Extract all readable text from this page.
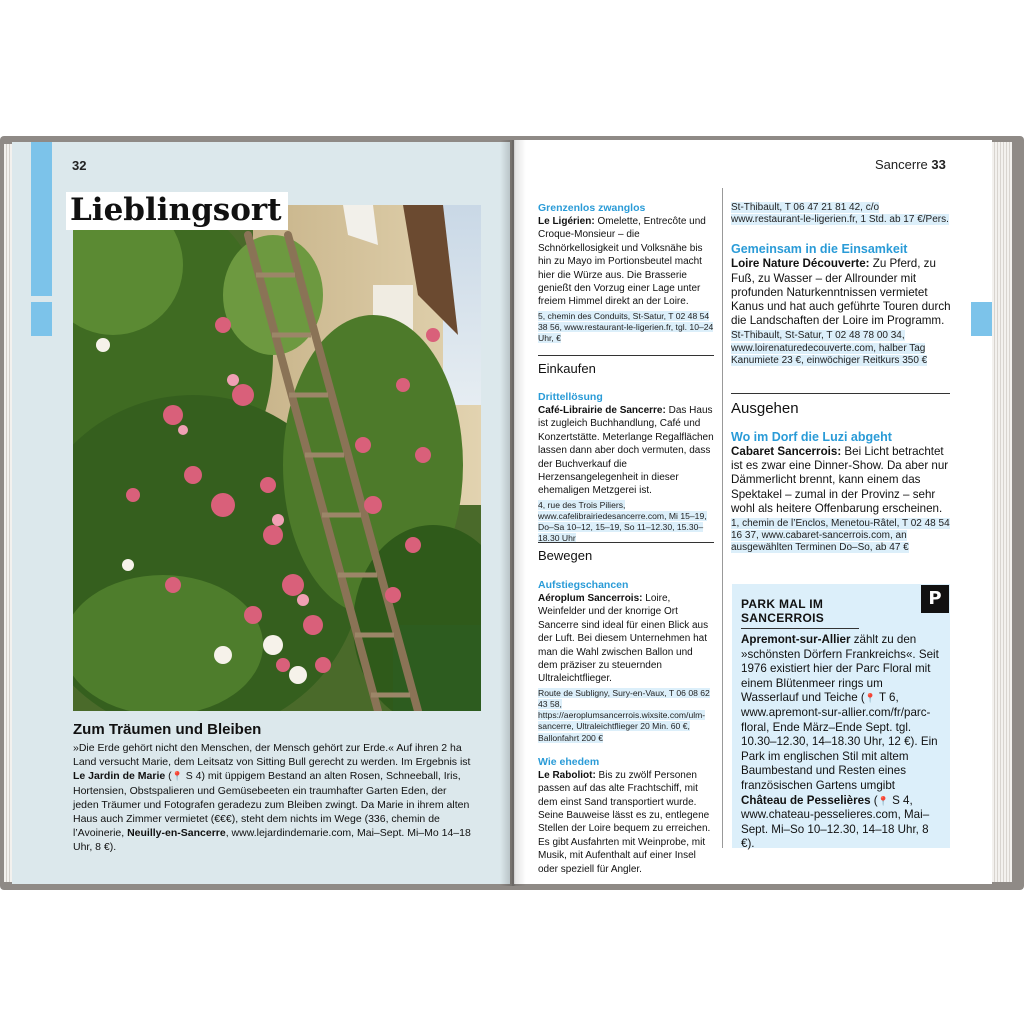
32
Lieblingsort
Zum Träumen und Bleiben
»Die Erde gehört nicht den Menschen, der Mensch gehört zur Erde.« Auf ihren 2 ha Land versucht Marie, dem Leitsatz von Sitting Bull gerecht zu werden. Im Ergebnis ist Le Jardin de Marie (📍 S 4) mit üppigem Bestand an alten Rosen, Schneeball, Iris, Hortensien, Obstspalieren und Gemüsebeeten ein traumhafter Garten Eden, der jeden Träumer und Fotografen geradezu zum Bleiben zwingt. Da Marie in ihrem alten Haus auch Zimmer vermietet (€€€), steht dem nichts im Wege (336, chemin de l’Avoinerie, Neuilly-en-Sancerre, www.lejardindemarie.com, Mai–Sept. Mi–Mo 14–18 Uhr, 8 €).
Sancerre 33

Grenzenlos zwanglos

Le Ligérien: Omelette, Entrecôte und Croque-Monsieur – die Schnörkellosigkeit und Volksnähe bis hin zu Mayo im Portionsbeutel macht hier die Würze aus. Die Brasserie genießt den Vorzug einer Lage unter freiem Himmel direkt an der Loire.

5, chemin des Conduits, St-Satur, T 02 48 54 38 56, www.restaurant-le-ligerien.fr, tgl. 10–24 Uhr, €

Einkaufen

Drittellösung

Café-Librairie de Sancerre: Das Haus ist zugleich Buchhandlung, Café und Konzertstätte. Meterlange Regalflächen lassen dann aber doch vermuten, dass der Buchverkauf die Herzensangelegenheit in dieser ehemaligen Metzgerei ist.

4, rue des Trois Piliers, www.cafelibrairiedesancerre.com, Mi 15–19, Do–Sa 10–12, 15–19, So 11–12.30, 15.30–18.30 Uhr

Bewegen

Aufstiegschancen

Aéroplum Sancerrois: Loire, Weinfelder und der knorrige Ort Sancerre sind ideal für einen Blick aus der Luft. Bei diesem Unternehmen hat man die Wahl zwischen Ballon und dem präziser zu steuernden Ultraleichtflieger.

Route de Subligny, Sury-en-Vaux, T 06 08 62 43 58, https://aeroplumsancerrois.wixsite.com/ulm-sancerre, Ultraleichtflieger 20 Min. 60 €, Ballonfahrt 200 €

Wie ehedem

Le Raboliot: Bis zu zwölf Personen passen auf das alte Frachtschiff, mit dem einst Sand transportiert wurde. Seine Bauweise lässt es zu, entlegene Stellen der Loire bequem zu erreichen. Es gibt Ausfahrten mit Weinprobe, mit Musik, mit Aufenthalt auf einer Insel oder speziell für Angler.

St-Thibault, T 06 47 21 81 42, c/o www.restaurant-le-ligerien.fr, 1 Std. ab 17 €/Pers.

Gemeinsam in die Einsamkeit

Loire Nature Découverte: Zu Pferd, zu Fuß, zu Wasser – der Allrounder mit profunden Naturkenntnissen vermietet Kanus und hat auch geführte Touren durch die Landschaften der Loire im Programm.

St-Thibault, St-Satur, T 02 48 78 00 34, www.loirenaturedecouverte.com, halber Tag Kanumiete 23 €, einwöchiger Reitkurs 350 €

Ausgehen

Wo im Dorf die Luzi abgeht

Cabaret Sancerrois: Bei Licht betrachtet ist es zwar eine Dinner-Show. Da aber nur Dämmerlicht brennt, kann einem das Spektakel – zumal in der Provinz – sehr wohl als heitere Offenbarung erscheinen.

1, chemin de l’Enclos, Menetou-Râtel, T 02 48 54 16 37, www.cabaret-sancerrois.com, an ausgewählten Terminen Do–So, ab 47 €

P
PARK MAL IM SANCERROIS
Apremont-sur-Allier zählt zu den »schönsten Dörfern Frankreichs«. Seit 1976 existiert hier der Parc Floral mit einem Blütenmeer rings um Wasserlauf und Teiche (📍 T 6, www.apremont-sur-allier.com/fr/parc-floral, Ende März–Ende Sept. tgl. 10.30–12.30, 14–18.30 Uhr, 12 €). Ein Park im englischen Stil mit altem Baumbestand und Resten eines französischen Gartens umgibt Château de Pesselières (📍 S 4, www.chateau-pesselieres.com, Mai–Sept. Mi–So 10–12.30, 14–18 Uhr, 8 €).
